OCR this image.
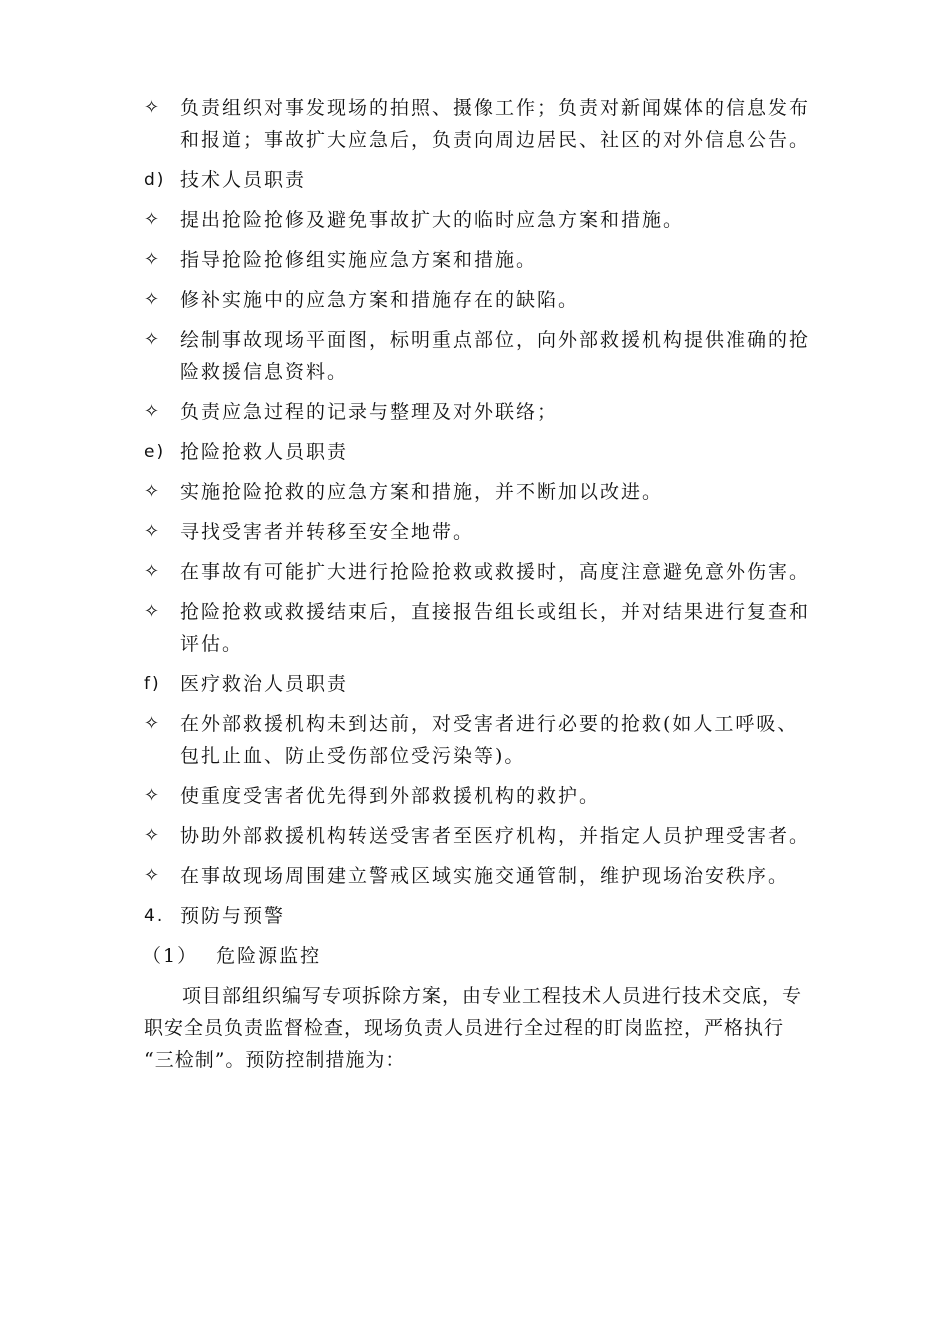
✧ 负责组织对事发现场的拍照、摄像工作；负责对新闻媒体的信息发布和报道；事故扩大应急后，负责向周边居民、社区的对外信息公告。
d) 技术人员职责
✧ 提出抢险抢修及避免事故扩大的临时应急方案和措施。
✧ 指导抢险抢修组实施应急方案和措施。
✧ 修补实施中的应急方案和措施存在的缺陷。
✧ 绘制事故现场平面图，标明重点部位，向外部救援机构提供准确的抢险救援信息资料。
✧ 负责应急过程的记录与整理及对外联络；
e) 抢险抢救人员职责
✧ 实施抢险抢救的应急方案和措施，并不断加以改进。
✧ 寻找受害者并转移至安全地带。
✧ 在事故有可能扩大进行抢险抢救或救援时，高度注意避免意外伤害。
✧ 抢险抢救或救援结束后，直接报告组长或组长，并对结果进行复查和评估。
f)	医疗救治人员职责
✧ 在外部救援机构未到达前，对受害者进行必要的抢救(如人工呼吸、包扎止血、防止受伤部位受污染等)。
✧ 使重度受害者优先得到外部救援机构的救护。
✧ 协助外部救援机构转送受害者至医疗机构，并指定人员护理受害者。
✧ 在事故现场周围建立警戒区域实施交通管制，维护现场治安秩序。
4. 预防与预警
（1） 危险源监控

项目部组织编写专项拆除方案，由专业工程技术人员进行技术交底，专职安全员负责监督检查，现场负责人员进行全过程的盯岗监控，严格执行 “三检制”。预防控制措施为：
